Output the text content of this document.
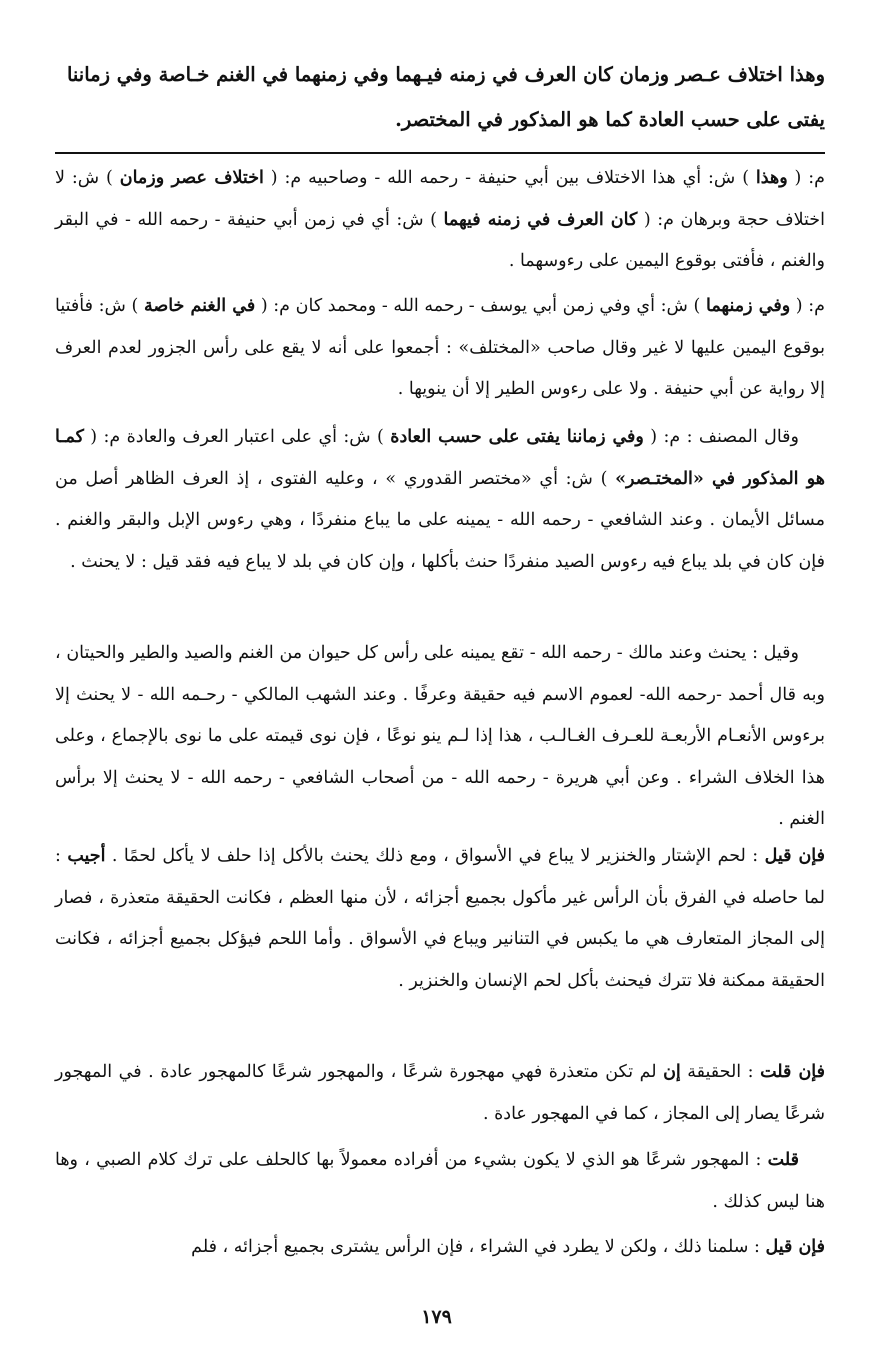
وهذا اختلاف عـصر وزمان كان العرف في زمنه فيـهما وفي زمنهما في الغنم خـاصة وفي زماننا
يفتى على حسب العادة كما هو المذكور في المختصر.

م: ( وهذا ) ش: أي هذا الاختلاف بين أبي حنيفة - رحمه الله - وصاحبيه م: ( اختلاف عصر وزمان ) ش: لا اختلاف حجة وبرهان م: ( كان العرف في زمنه فيهما ) ش: أي في زمن أبي حنيفة - رحمه الله - في البقر والغنم ، فأفتى بوقوع اليمين على رءوسهما .

م: ( وفي زمنهما ) ش: أي وفي زمن أبي يوسف - رحمه الله - ومحمد كان م: ( في الغنم خاصة ) ش: فأفتيا بوقوع اليمين عليها لا غير وقال صاحب «المختلف» : أجمعوا على أنه لا يقع على رأس الجزور لعدم العرف إلا رواية عن أبي حنيفة . ولا على رءوس الطير إلا أن ينويها .

وقال المصنف : م: ( وفي زماننا يفتى على حسب العادة ) ش: أي على اعتبار العرف والعادة م: ( كمـا هو المذكور في «المختـصر» ) ش: أي «مختصر القدوري » ، وعليه الفتوى ، إذ العرف الظاهر أصل من مسائل الأيمان . وعند الشافعي - رحمه الله - يمينه على ما يباع منفردًا ، وهي رءوس الإبل والبقر والغنم . فإن كان في بلد يباع فيه رءوس الصيد منفردًا حنث بأكلها ، وإن كان في بلد لا يباع فيه فقد قيل : لا يحنث .

وقيل : يحنث وعند مالك - رحمه الله - تقع يمينه على رأس كل حيوان من الغنم والصيد والطير والحيتان ، وبه قال أحمد -رحمه الله- لعموم الاسم فيه حقيقة وعرفًا . وعند الشهب المالكي - رحـمه الله - لا يحنث إلا برءوس الأنعـام الأربعـة للعـرف الغـالـب ، هذا إذا لـم ينو نوعًا ، فإن نوى قيمته على ما نوى بالإجماع ، وعلى هذا الخلاف الشراء . وعن أبي هريرة - رحمه الله - من أصحاب الشافعي - رحمه الله - لا يحنث إلا برأس الغنم .

فإن قيل : لحم الإشتار والخنزير لا يباع في الأسواق ، ومع ذلك يحنث بالأكل إذا حلف لا يأكل لحمًا . أجيب : لما حاصله في الفرق بأن الرأس غير مأكول بجميع أجزائه ، لأن منها العظم ، فكانت الحقيقة متعذرة ، فصار إلى المجاز المتعارف هي ما يكبس في التنانير ويباع في الأسواق . وأما اللحم فيؤكل بجميع أجزائه ، فكانت الحقيقة ممكنة فلا تترك فيحنث بأكل لحم الإنسان والخنزير .

فإن قلت : الحقيقة إن لم تكن متعذرة فهي مهجورة شرعًا ، والمهجور شرعًا كالمهجور عادة . في المهجور شرعًا يصار إلى المجاز ، كما في المهجور عادة .

قلت : المهجور شرعًا هو الذي لا يكون بشيء من أفراده معمولاً بها كالحلف على ترك كلام الصبي ، وها هنا ليس كذلك .

فإن قيل : سلمنا ذلك ، ولكن لا يطرد في الشراء ، فإن الرأس يشترى بجميع أجزائه ، فلم

١٧٩
